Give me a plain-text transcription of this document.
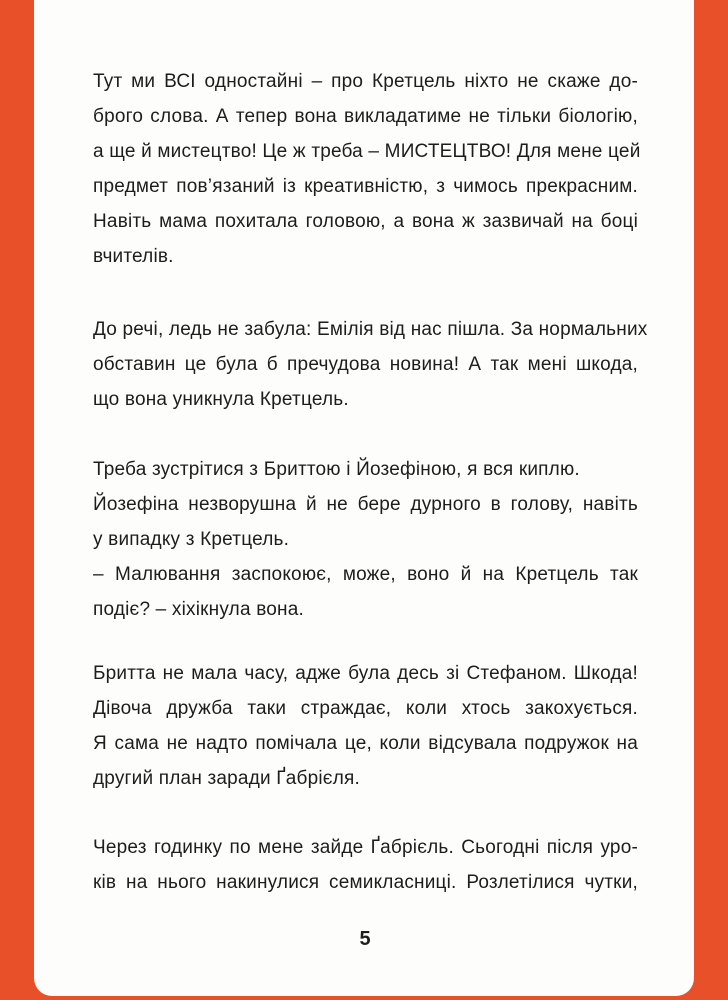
Тут ми ВСІ одностайні – про Кретцель ніхто не скаже до-
брого слова. А тепер вона викладатиме не тільки біологію,
а ще й мистецтво! Це ж треба – МИСТЕЦТВО! Для мене цей
предмет пов’язаний із креативністю, з чимось прекрасним.
Навіть мама похитала головою, а вона ж зазвичай на боці
вчителів.
До речі, ледь не забула: Емілія від нас пішла. За нормальних
обставин це була б пречудова новина! А так мені шкода,
що вона уникнула Кретцель.
Треба зустрітися з Бриттою і Йозефіною, я вся киплю.
Йозефіна незворушна й не бере дурного в голову, навіть
у випадку з Кретцель.
– Малювання заспокоює, може, воно й на Кретцель так
подіє? – хіхікнула вона.
Бритта не мала часу, адже була десь зі Стефаном. Шкода!
Дівоча дружба таки страждає, коли хтось закохується.
Я сама не надто помічала це, коли відсувала подружок на
другий план заради Ґабрієля.
Через годинку по мене зайде Ґабрієль. Сьогодні після уро-
ків на нього накинулися семикласниці. Розлетілися чутки,
5
